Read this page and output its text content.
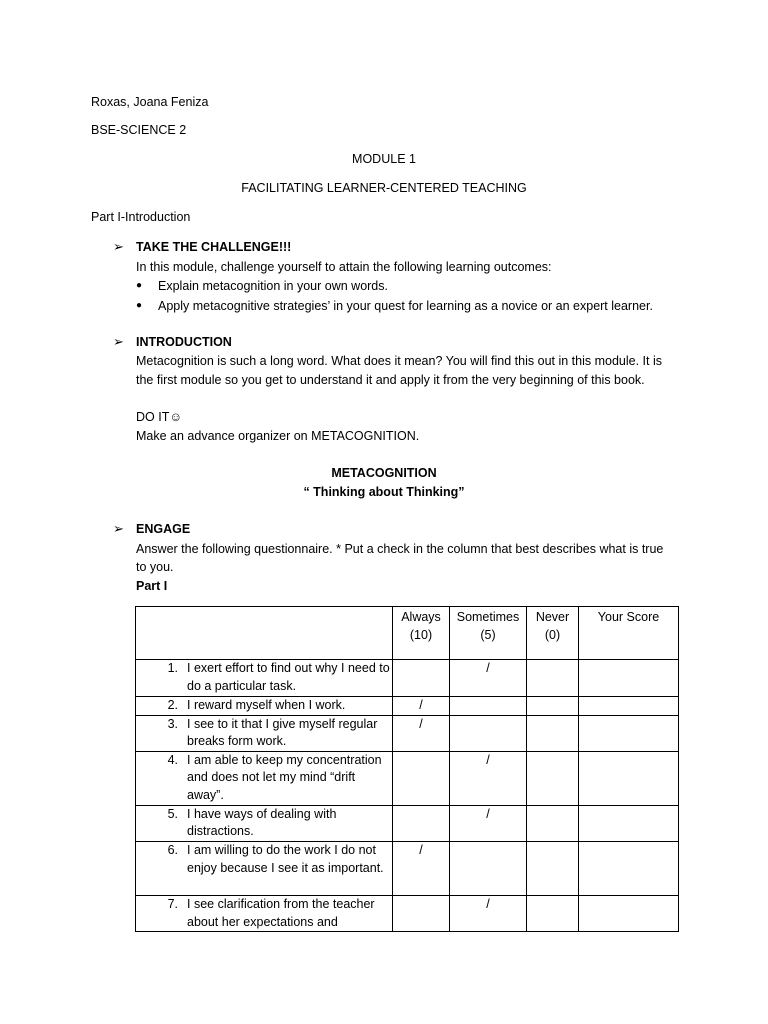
Roxas, Joana Feniza
BSE-SCIENCE 2
MODULE 1
FACILITATING LEARNER-CENTERED TEACHING
Part I-Introduction
➢ TAKE THE CHALLENGE!!!
In this module, challenge yourself to attain the following learning outcomes:
● Explain metacognition in your own words.
● Apply metacognitive strategies’ in your quest for learning as a novice or an expert learner.
➢ INTRODUCTION
Metacognition is such a long word. What does it mean? You will find this out in this module. It is
the first module so you get to understand it and apply it from the very beginning of this book.
DO IT☺
Make an advance organizer on METACOGNITION.
METACOGNITION
“ Thinking about Thinking”
➢ ENGAGE
Answer the following questionnaire. * Put a check in the column that best describes what is true
to you.
Part I
	Always
(10)	Sometimes
(5)	Never
(0)	Your Score

1. I exert effort to find out why I need to do a particular task.		/		

2. I reward myself when I work.	/			

3. I see to it that I give myself regular breaks form work.	/			

4. I am able to keep my concentration and does not let my mind “drift away”.		/		

5. I have ways of dealing with distractions.		/		

6. I am willing to do the work I do not enjoy because I see it as important.	/			

7. I see clarification from the teacher about her expectations and		/		
